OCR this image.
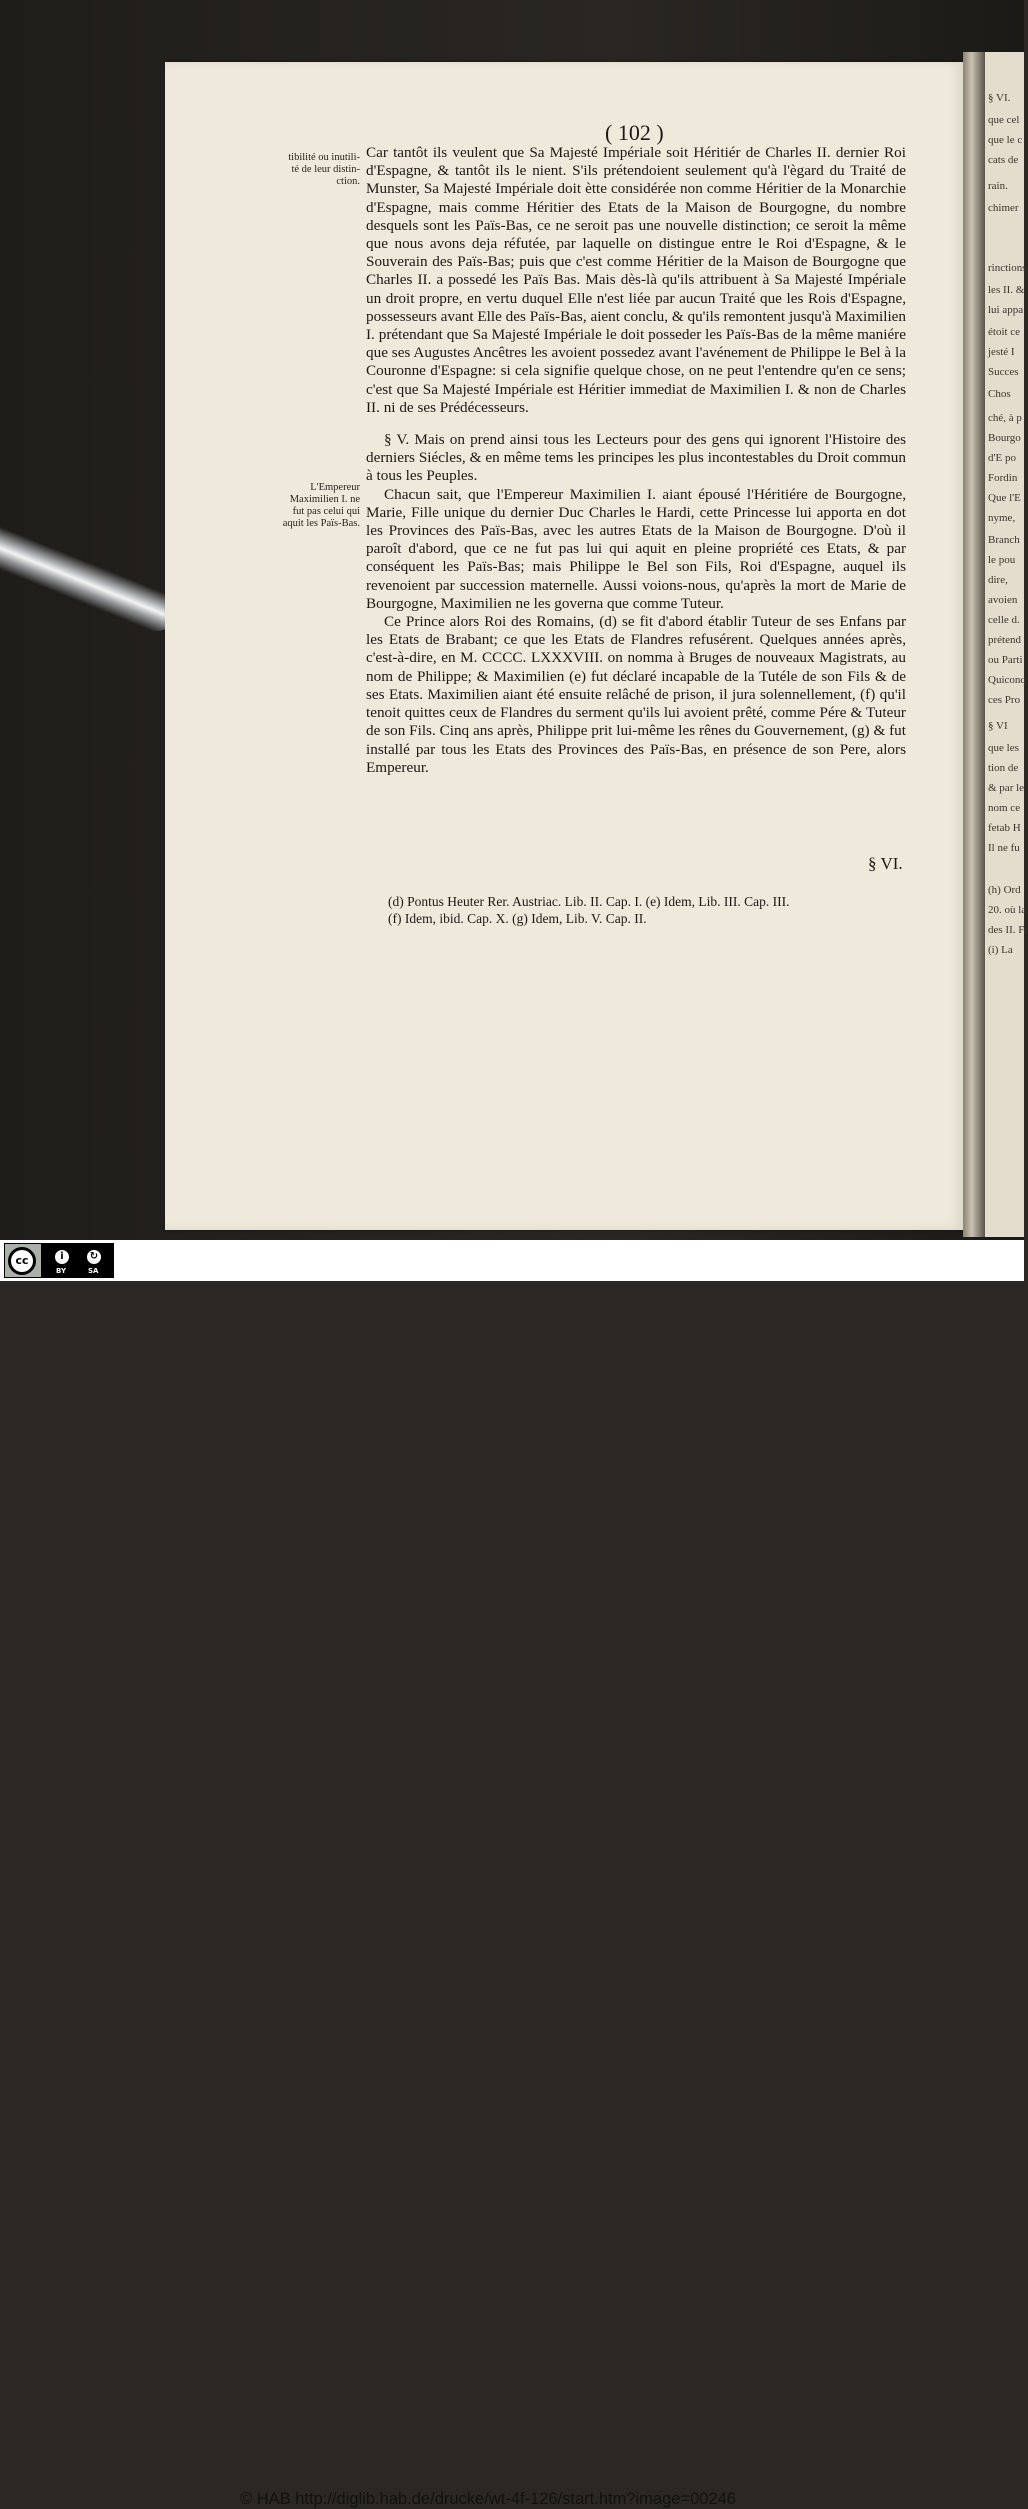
§ VI.
que cel
que le c
cats de
rain.
chimer
rinctions
les II. &
lui appa
étoit ce
jesté I
Succes
Chos
ché, à p
Bourgo
d'E po
Fordin
Que l'E
nyme,
Branch
le pou
dire,
avoien
celle d.
prétend
ou Parti
Quiconq
ces Pro
§ VI
que les
tion de
& par le
nom ce
fetab H
Il ne fu
(h) Ord
20. où la
des II. Fr
(i) La
( 102 )
tibilité ou inutili-
té de leur distin-
ction.
L'Empereur
Maximilien I. ne
fut pas celui qui
aquit les Païs-Bas.

Car tantôt ils veulent que Sa Majesté Impériale soit Héritiér de Charles II. dernier Roi d'Espagne, & tantôt ils le nient. S'ils prétendoient seulement qu'à l'ègard du Traité de Munster, Sa Majesté Impériale doit ètte considérée non comme Héritier de la Monarchie d'Espagne, mais comme Héritier des Etats de la Maison de Bourgogne, du nombre desquels sont les Païs-Bas, ce ne seroit pas une nouvelle distinction; ce seroit la même que nous avons deja réfutée, par laquelle on distingue entre le Roi d'Espagne, & le Souverain des Païs-Bas; puis que c'est comme Héritier de la Maison de Bourgogne que Charles II. a possedé les Païs Bas. Mais dès-là qu'ils attribuent à Sa Majesté Impériale un droit propre, en vertu duquel Elle n'est liée par aucun Traité que les Rois d'Espagne, possesseurs avant Elle des Païs-Bas, aient conclu, & qu'ils remontent jusqu'à Maximilien I. prétendant que Sa Majesté Impériale le doit posseder les Païs-Bas de la même maniére que ses Augustes Ancêtres les avoient possedez avant l'avénement de Philippe le Bel à la Couronne d'Espagne: si cela signifie quelque chose, on ne peut l'entendre qu'en ce sens; c'est que Sa Majesté Impériale est Héritier immediat de Maximilien I. & non de Charles II. ni de ses Prédécesseurs.

§ V. Mais on prend ainsi tous les Lecteurs pour des gens qui ignorent l'Histoire des derniers Siécles, & en même tems les principes les plus incontestables du Droit commun à tous les Peuples.

Chacun sait, que l'Empereur Maximilien I. aiant épousé l'Héritiére de Bourgogne, Marie, Fille unique du dernier Duc Charles le Hardi, cette Princesse lui apporta en dot les Provinces des Païs-Bas, avec les autres Etats de la Maison de Bourgogne. D'où il paroît d'abord, que ce ne fut pas lui qui aquit en pleine propriété ces Etats, & par conséquent les Païs-Bas; mais Philippe le Bel son Fils, Roi d'Espagne, auquel ils revenoient par succession maternelle. Aussi voions-nous, qu'après la mort de Marie de Bourgogne, Maximilien ne les governa que comme Tuteur.

Ce Prince alors Roi des Romains, (d) se fit d'abord établir Tuteur de ses Enfans par les Etats de Brabant; ce que les Etats de Flandres refusérent. Quelques années après, c'est-à-dire, en M. CCCC. LXXXVIII. on nomma à Bruges de nouveaux Magistrats, au nom de Philippe; & Maximilien (e) fut déclaré incapable de la Tutéle de son Fils & de ses Etats. Maximilien aiant été ensuite relâché de prison, il jura solennellement, (f) qu'il tenoit quittes ceux de Flandres du serment qu'ils lui avoient prêté, comme Pére & Tuteur de son Fils. Cinq ans après, Philippe prit lui-même les rênes du Gouvernement, (g) & fut installé par tous les Etats des Provinces des Païs-Bas, en présence de son Pere, alors Empereur.

§ VI.
(d) Pontus Heuter Rer. Austriac. Lib. II. Cap. I. (e) Idem, Lib. III. Cap. III.
(f) Idem, ibid. Cap. X. (g) Idem, Lib. V. Cap. II.
cc	i	↻
BY	SA
© HAB http://diglib.hab.de/drucke/wt-4f-126/start.htm?image=00246
